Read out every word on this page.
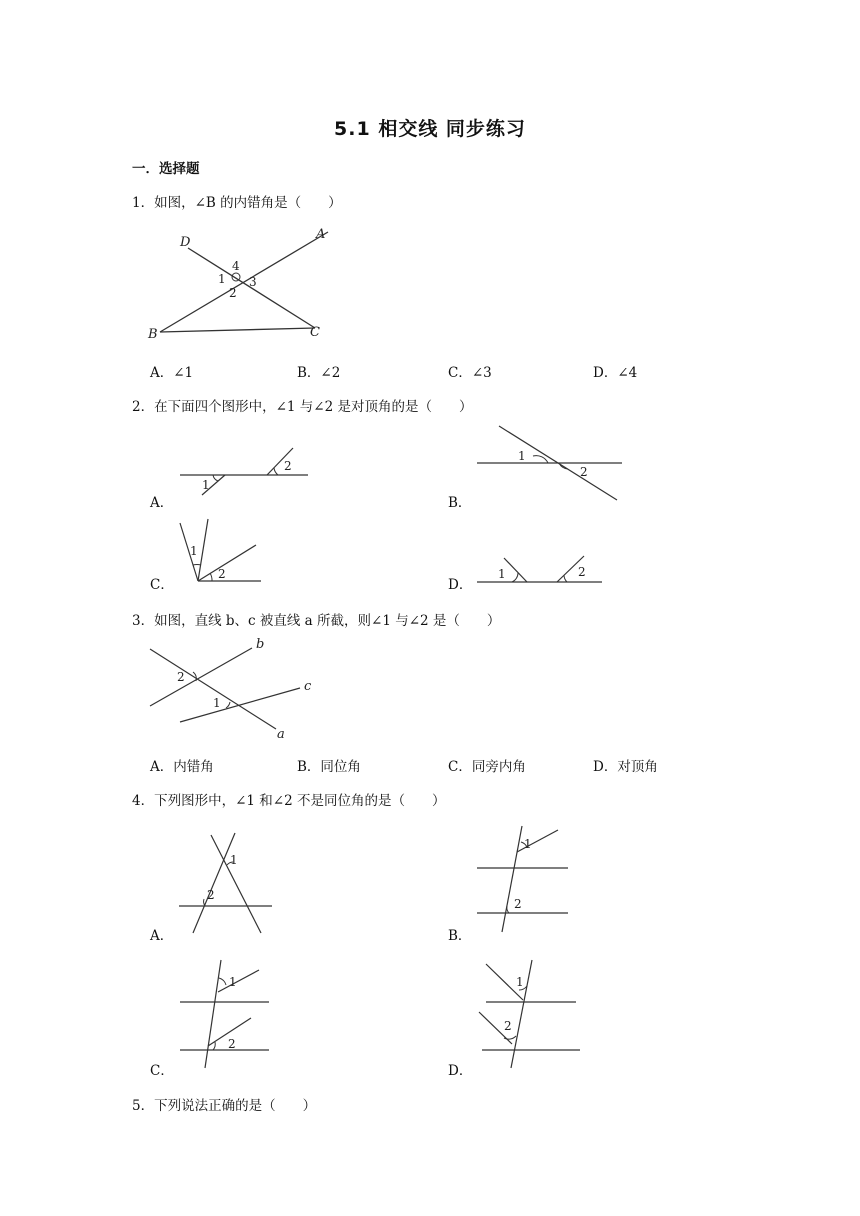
5.1 相交线 同步练习
一．选择题
1．如图，∠B 的内错角是（　　）
D
A
4
1 3
2
B	C
A．∠1	B．∠2	C．∠3	D．∠4
2．在下面四个图形中，∠1 与∠2 是对顶角的是（　　）
A．
2
1
B．
1
2
C．
1
2
D．
1	2
3．如图，直线 b、c 被直线 a 所截，则∠1 与∠2 是（　　）
b
c
a
2
1
A．内错角	B．同位角	C．同旁内角	D．对顶角
4．下列图形中，∠1 和∠2 不是同位角的是（　　）
A．
1
2
B．
1
2
C．
1
2
D．
1
2
5．下列说法正确的是（　　）
